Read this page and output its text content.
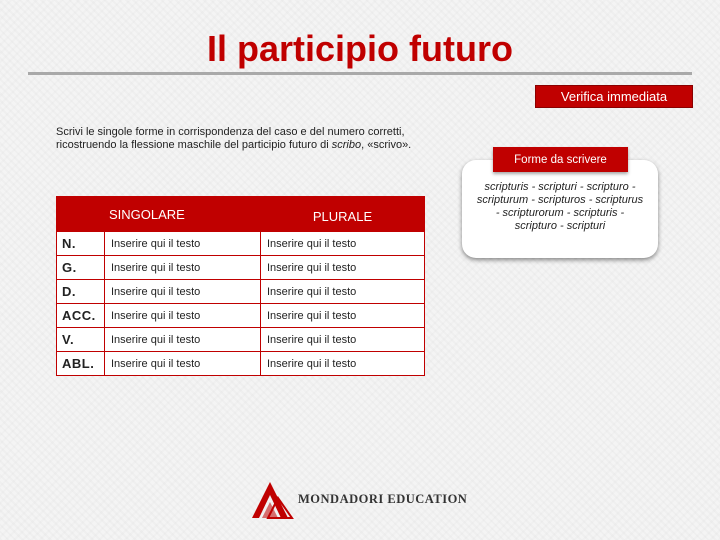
Il participio futuro
Verifica immediata
Scrivi le singole forme in corrispondenza del caso e del numero corretti,
ricostruendo la flessione maschile del participio futuro di scribo, «scrivo».
Forme da scrivere
scripturis - scripturi - scripturo - scripturum - scripturos - scripturus - scripturorum - scripturis - scripturo - scripturi
	SINGOLARE	PLURALE
N.	Inserire qui il testo	Inserire qui il testo
G.	Inserire qui il testo	Inserire qui il testo
D.	Inserire qui il testo	Inserire qui il testo
ACC.	Inserire qui il testo	Inserire qui il testo
V.	Inserire qui il testo	Inserire qui il testo
ABL.	Inserire qui il testo	Inserire qui il testo
MONDADORI EDUCATION
